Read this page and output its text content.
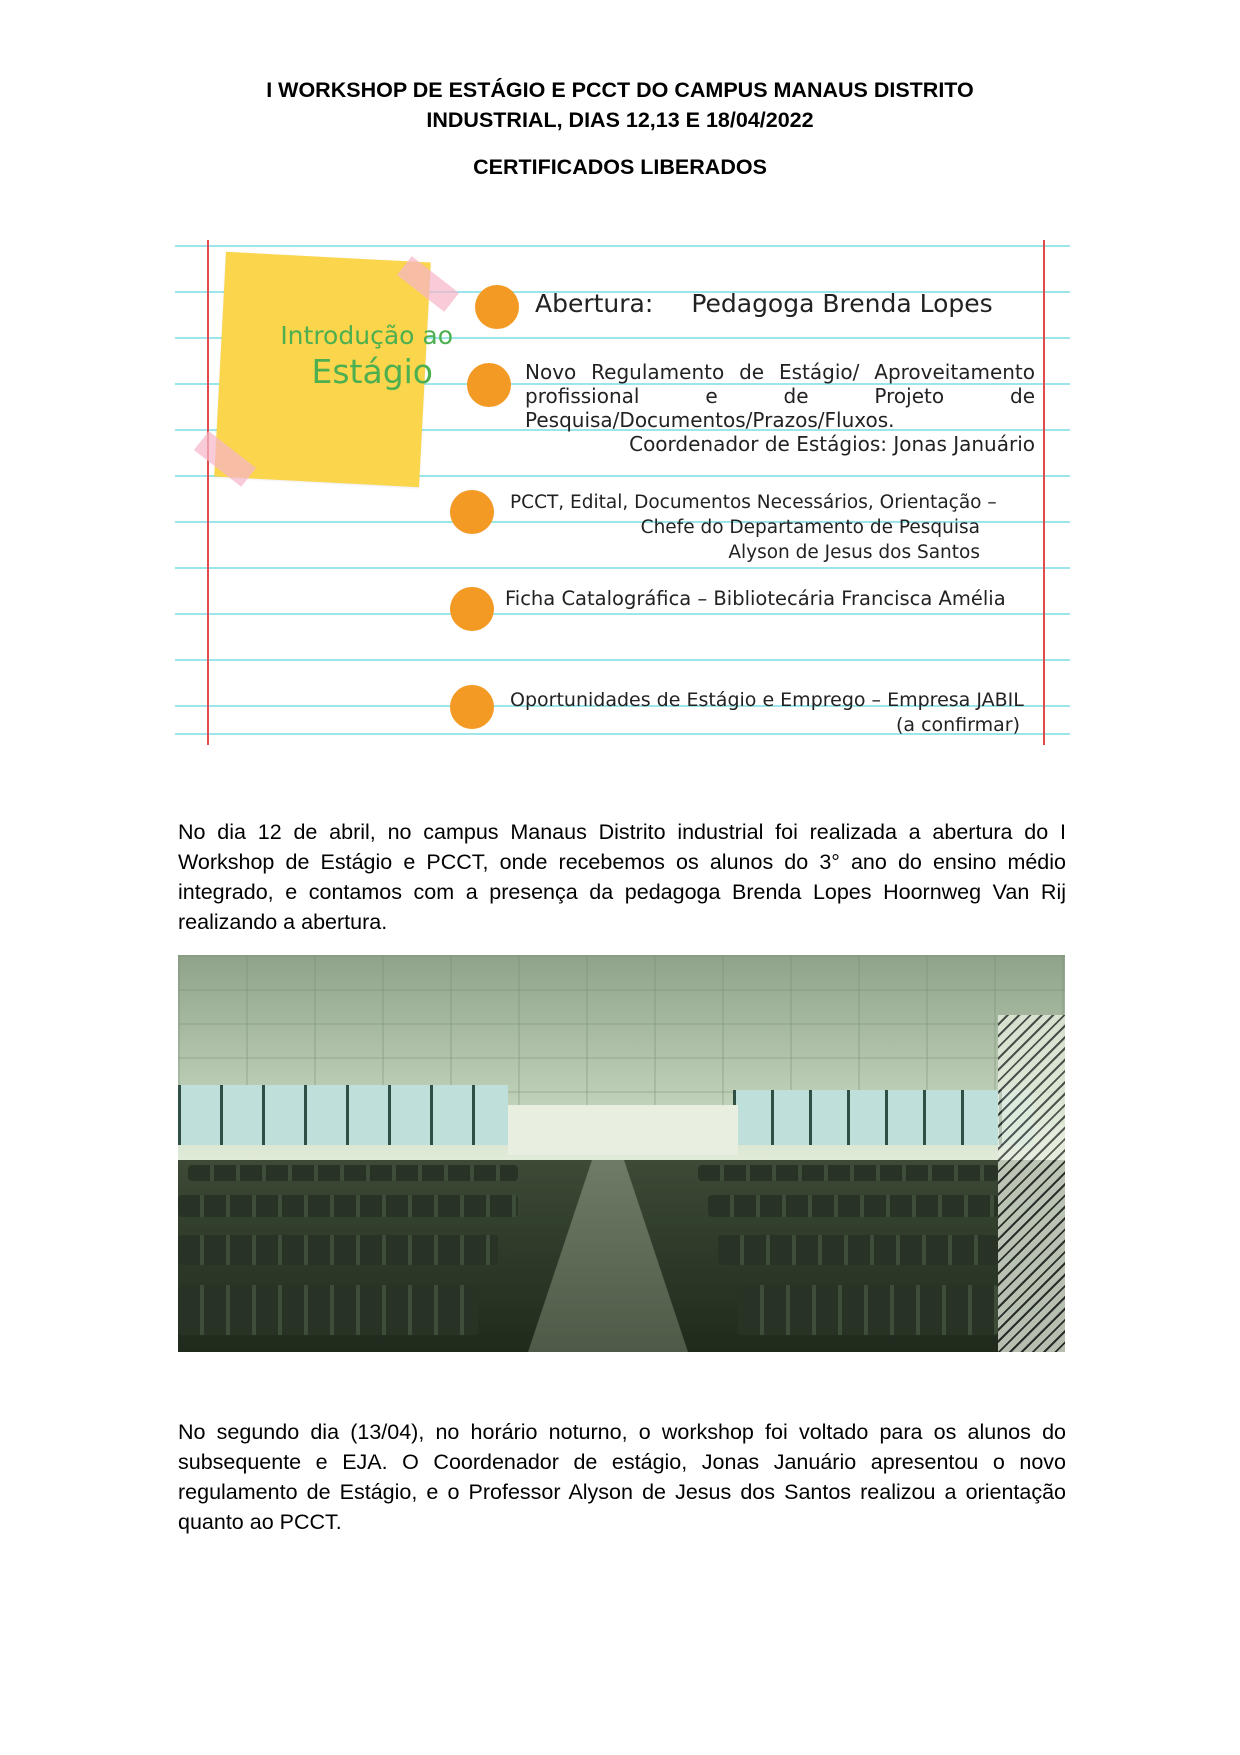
I WORKSHOP DE ESTÁGIO E PCCT DO CAMPUS MANAUS DISTRITO
INDUSTRIAL, DIAS 12,13 E 18/04/2022
CERTIFICADOS LIBERADOS
Introdução ao
Estágio
Abertura: Pedagoga Brenda Lopes
Novo Regulamento de Estágio/ Aproveitamento
profissional e de Projeto de
Pesquisa/Documentos/Prazos/Fluxos.
Coordenador de Estágios: Jonas Januário
PCCT, Edital, Documentos Necessários, Orientação –
Chefe do Departamento de Pesquisa
Alyson de Jesus dos Santos
Ficha Catalográfica – Bibliotecária Francisca Amélia
Oportunidades de Estágio e Emprego – Empresa JABIL
(a confirmar)

No dia 12 de abril, no campus Manaus Distrito industrial foi realizada a abertura do I Workshop de Estágio e PCCT, onde recebemos os alunos do 3° ano do ensino médio integrado, e contamos com a presença da pedagoga Brenda Lopes Hoornweg Van Rij realizando a abertura.

No segundo dia (13/04), no horário noturno, o workshop foi voltado para os alunos do subsequente e EJA. O Coordenador de estágio, Jonas Januário apresentou o novo regulamento de Estágio, e o Professor Alyson de Jesus dos Santos realizou a orientação quanto ao PCCT.
